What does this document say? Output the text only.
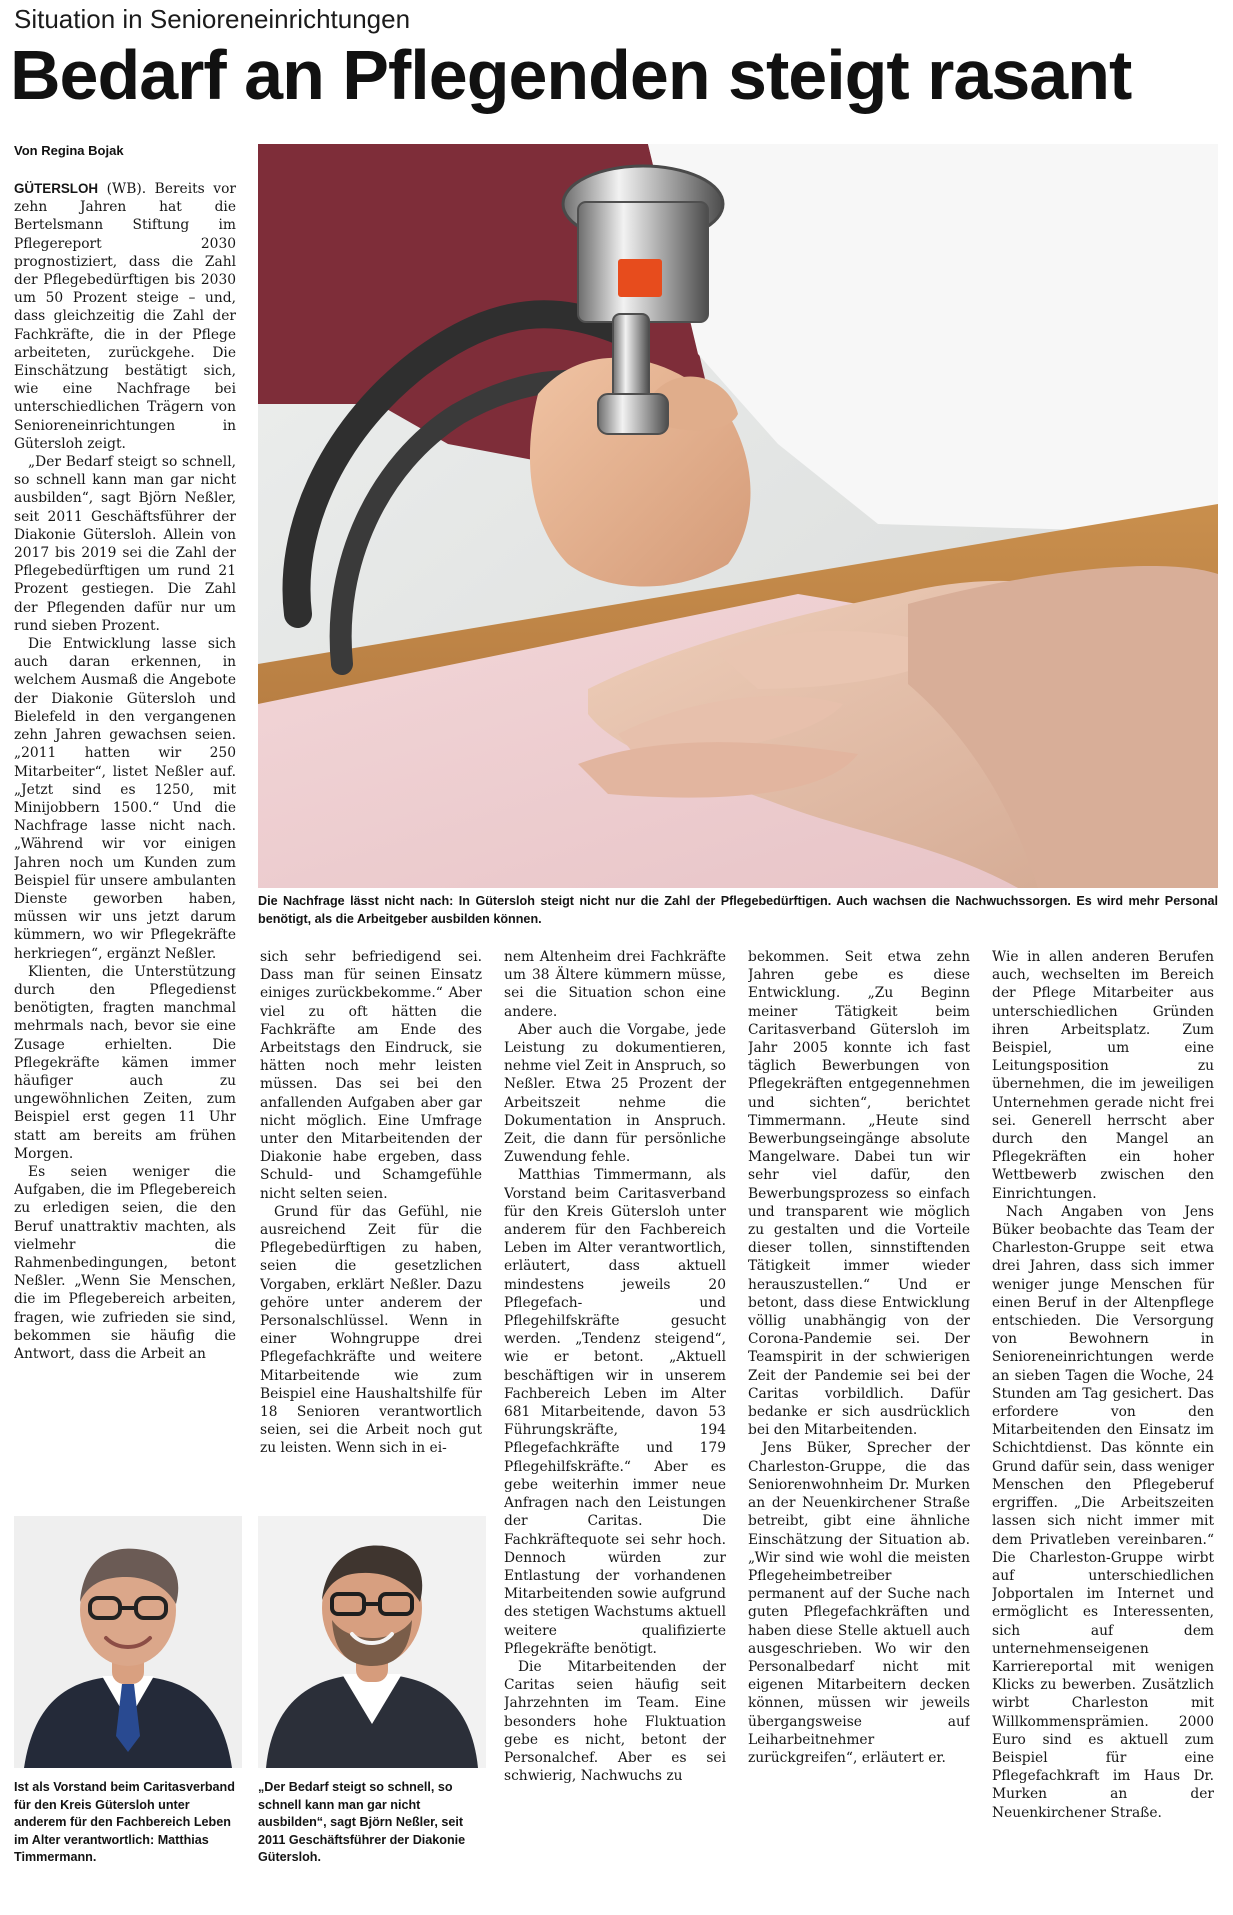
Situation in Senioreneinrichtungen
Bedarf an Pflegenden steigt rasant
Von Regina Bojak
Die Nachfrage lässt nicht nach: In Gütersloh steigt nicht nur die Zahl der Pflegebedürftigen. Auch wachsen die Nachwuchssorgen. Es wird mehr Personal benötigt, als die Arbeitgeber ausbilden können.
Ist als Vorstand beim Caritasverband für den Kreis Gütersloh unter anderem für den Fachbereich Leben im Alter verantwortlich: Matthias Timmermann.
„Der Bedarf steigt so schnell, so schnell kann man gar nicht ausbilden“, sagt Björn Neßler, seit 2011 Geschäftsführer der Diakonie Gütersloh.

GÜTERSLOH (WB). Bereits vor zehn Jahren hat die Bertelsmann Stiftung im Pflegereport 2030 prognostiziert, dass die Zahl der Pflegebedürftigen bis 2030 um 50 Prozent steige – und, dass gleichzeitig die Zahl der Fachkräfte, die in der Pflege arbeiteten, zurückgehe. Die Einschätzung bestätigt sich, wie eine Nachfrage bei unterschiedlichen Trägern von Senioreneinrichtungen in Gütersloh zeigt.

„Der Bedarf steigt so schnell, so schnell kann man gar nicht ausbilden“, sagt Björn Neßler, seit 2011 Geschäftsführer der Diakonie Gütersloh. Allein von 2017 bis 2019 sei die Zahl der Pflegebedürftigen um rund 21 Prozent gestiegen. Die Zahl der Pflegenden dafür nur um rund sieben Prozent.

Die Entwicklung lasse sich auch daran erkennen, in welchem Ausmaß die Angebote der Diakonie Gütersloh und Bielefeld in den vergangenen zehn Jahren gewachsen seien. „2011 hatten wir 250 Mitarbeiter“, listet Neßler auf. „Jetzt sind es 1250, mit Minijobbern 1500.“ Und die Nachfrage lasse nicht nach. „Während wir vor einigen Jahren noch um Kunden zum Beispiel für unsere ambulanten Dienste geworben haben, müssen wir uns jetzt darum kümmern, wo wir Pflegekräfte herkriegen“, ergänzt Neßler.

Klienten, die Unterstützung durch den Pflegedienst benötigten, fragten manchmal mehrmals nach, bevor sie eine Zusage erhielten. Die Pflegekräfte kämen immer häufiger auch zu ungewöhnlichen Zeiten, zum Beispiel erst gegen 11 Uhr statt am bereits am frühen Morgen.

Es seien weniger die Aufgaben, die im Pflegebereich zu erledigen seien, die den Beruf unattraktiv machten, als vielmehr die Rahmenbedingungen, betont Neßler. „Wenn Sie Menschen, die im Pflegebereich arbeiten, fragen, wie zufrieden sie sind, bekommen sie häufig die Antwort, dass die Arbeit an

sich sehr befriedigend sei. Dass man für seinen Einsatz einiges zurückbekomme.“ Aber viel zu oft hätten die Fachkräfte am Ende des Arbeitstags den Eindruck, sie hätten noch mehr leisten müssen. Das sei bei den anfallenden Aufgaben aber gar nicht möglich. Eine Umfrage unter den Mitarbeitenden der Diakonie habe ergeben, dass Schuld- und Schamgefühle nicht selten seien.

Grund für das Gefühl, nie ausreichend Zeit für die Pflegebedürftigen zu haben, seien die gesetzlichen Vorgaben, erklärt Neßler. Dazu gehöre unter anderem der Personalschlüssel. Wenn in einer Wohngruppe drei Pflegefachkräfte und weitere Mitarbeitende wie zum Beispiel eine Haushaltshilfe für 18 Senioren verantwortlich seien, sei die Arbeit noch gut zu leisten. Wenn sich in ei-

nem Altenheim drei Fachkräfte um 38 Ältere kümmern müsse, sei die Situation schon eine andere.

Aber auch die Vorgabe, jede Leistung zu dokumentieren, nehme viel Zeit in Anspruch, so Neßler. Etwa 25 Prozent der Arbeitszeit nehme die Dokumentation in Anspruch. Zeit, die dann für persönliche Zuwendung fehle.

Matthias Timmermann, als Vorstand beim Caritasverband für den Kreis Gütersloh unter anderem für den Fachbereich Leben im Alter verantwortlich, erläutert, dass aktuell mindestens jeweils 20 Pflegefach- und Pflegehilfskräfte gesucht werden. „Tendenz steigend“, wie er betont. „Aktuell beschäftigen wir in unserem Fachbereich Leben im Alter 681 Mitarbeitende, davon 53 Führungskräfte, 194 Pflegefachkräfte und 179 Pflegehilfskräfte.“ Aber es gebe weiterhin immer neue Anfragen nach den Leistungen der Caritas. Die Fachkräftequote sei sehr hoch. Dennoch würden zur Entlastung der vorhandenen Mitarbeitenden sowie aufgrund des stetigen Wachstums aktuell weitere qualifizierte Pflegekräfte benötigt.

Die Mitarbeitenden der Caritas seien häufig seit Jahrzehnten im Team. Eine besonders hohe Fluktuation gebe es nicht, betont der Personalchef. Aber es sei schwierig, Nachwuchs zu

bekommen. Seit etwa zehn Jahren gebe es diese Entwicklung. „Zu Beginn meiner Tätigkeit beim Caritasverband Gütersloh im Jahr 2005 konnte ich fast täglich Bewerbungen von Pflegekräften entgegennehmen und sichten“, berichtet Timmermann. „Heute sind Bewerbungseingänge absolute Mangelware. Dabei tun wir sehr viel dafür, den Bewerbungsprozess so einfach und transparent wie möglich zu gestalten und die Vorteile dieser tollen, sinnstiftenden Tätigkeit immer wieder herauszustellen.“ Und er betont, dass diese Entwicklung völlig unabhängig von der Corona-Pandemie sei. Der Teamspirit in der schwierigen Zeit der Pandemie sei bei der Caritas vorbildlich. Dafür bedanke er sich ausdrücklich bei den Mitarbeitenden.

Jens Büker, Sprecher der Charleston-Gruppe, die das Seniorenwohnheim Dr. Murken an der Neuenkirchener Straße betreibt, gibt eine ähnliche Einschätzung der Situation ab. „Wir sind wie wohl die meisten Pflegeheimbetreiber permanent auf der Suche nach guten Pflegefachkräften und haben diese Stelle aktuell auch ausgeschrieben. Wo wir den Personalbedarf nicht mit eigenen Mitarbeitern decken können, müssen wir jeweils übergangsweise auf Leiharbeitnehmer zurückgreifen“, erläutert er.

Wie in allen anderen Berufen auch, wechselten im Bereich der Pflege Mitarbeiter aus unterschiedlichen Gründen ihren Arbeitsplatz. Zum Beispiel, um eine Leitungsposition zu übernehmen, die im jeweiligen Unternehmen gerade nicht frei sei. Generell herrscht aber durch den Mangel an Pflegekräften ein hoher Wettbewerb zwischen den Einrichtungen.

Nach Angaben von Jens Büker beobachte das Team der Charleston-Gruppe seit etwa drei Jahren, dass sich immer weniger junge Menschen für einen Beruf in der Altenpflege entschieden. Die Versorgung von Bewohnern in Senioreneinrichtungen werde an sieben Tagen die Woche, 24 Stunden am Tag gesichert. Das erfordere von den Mitarbeitenden den Einsatz im Schichtdienst. Das könnte ein Grund dafür sein, dass weniger Menschen den Pflegeberuf ergriffen. „Die Arbeitszeiten lassen sich nicht immer mit dem Privatleben vereinbaren.“ Die Charleston-Gruppe wirbt auf unterschiedlichen Jobportalen im Internet und ermöglicht es Interessenten, sich auf dem unternehmenseigenen Karriereportal mit wenigen Klicks zu bewerben. Zusätzlich wirbt Charleston mit Willkommensprämien. 2000 Euro sind es aktuell zum Beispiel für eine Pflegefachkraft im Haus Dr. Murken an der Neuenkirchener Straße.
